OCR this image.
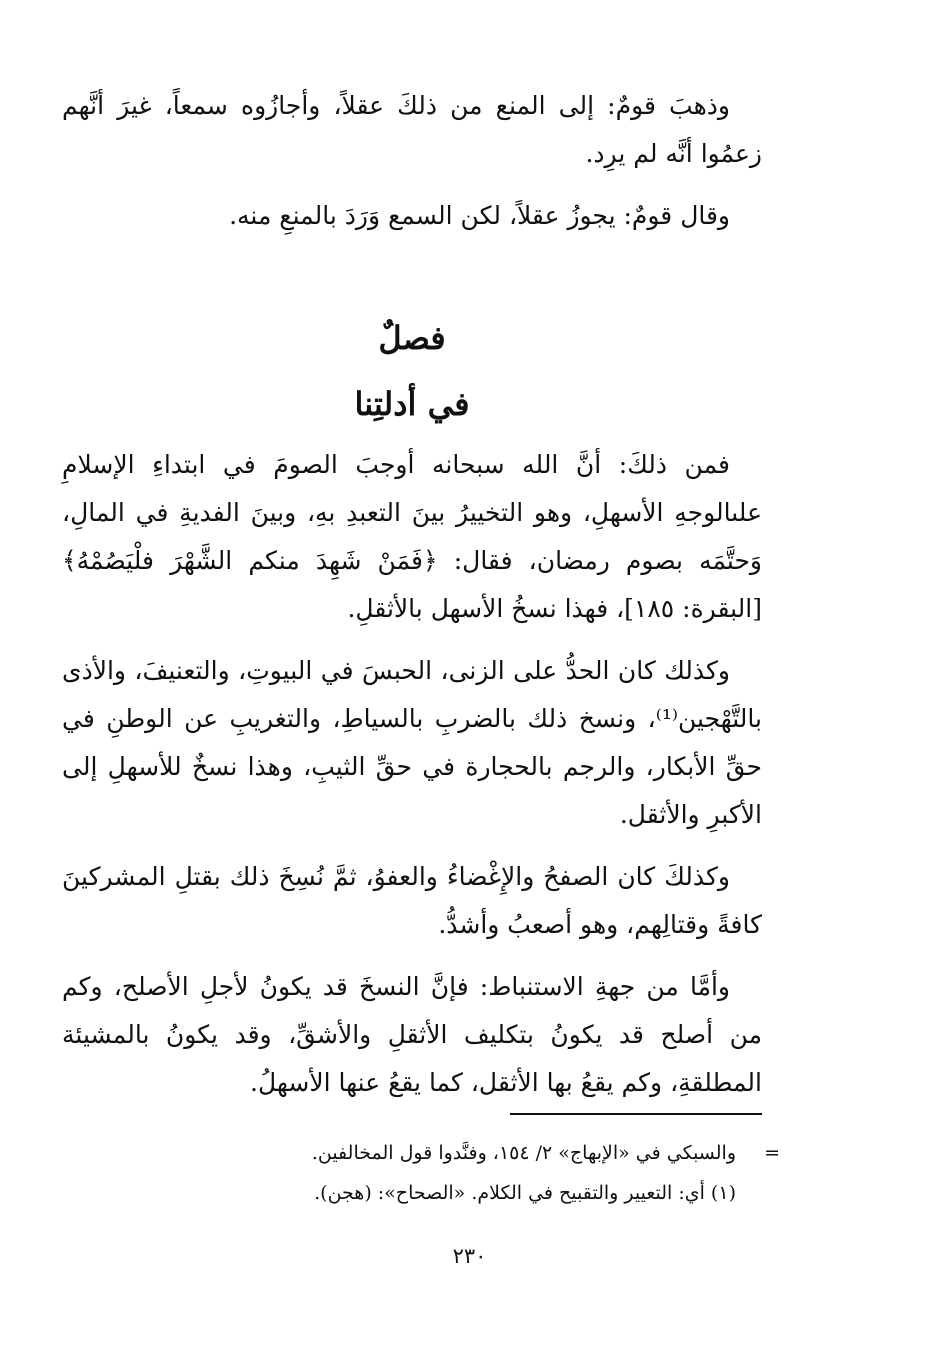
وذهبَ قومٌ: إلى المنع من ذلكَ عقلاً، وأجازُوه سمعاً، غيرَ أنَّهم زعمُوا أنَّه لم يرِد.

وقال قومٌ: يجوزُ عقلاً، لكن السمع وَرَدَ بالمنعِ منه.

فصلٌ
في أدلتِنا

فمن ذلكَ: أنَّ الله سبحانه أوجبَ الصومَ في ابتداءِ الإسلامِ علىالوجهِ الأسهلِ، وهو التخييرُ بينَ التعبدِ بهِ، وبينَ الفديةِ في المالِ، وَحتَّمَه بصوم رمضان، فقال: ﴿فَمَنْ شَهِدَ منكم الشَّهْرَ فلْيَصُمْهُ﴾ [البقرة: ١٨٥]، فهذا نسخُ الأسهل بالأثقلِ.

وكذلك كان الحدُّ على الزنى، الحبسَ في البيوتِ، والتعنيفَ، والأذى بالتَّهْجين⁽¹⁾، ونسخ ذلك بالضربِ بالسياطِ، والتغريبِ عن الوطنِ في حقِّ الأبكار، والرجم بالحجارة في حقِّ الثيبِ، وهذا نسخٌ للأسهلِ إلى الأكبرِ والأثقل.

وكذلكَ كان الصفحُ والإِغْضاءُ والعفوُ، ثمَّ نُسِخَ ذلك بقتلِ المشركينَ كافةً وقتالِهم، وهو أصعبُ وأشدُّ.

وأمَّا من جهةِ الاستنباط: فإنَّ النسخَ قد يكونُ لأجلِ الأصلح، وكم من أصلح قد يكونُ بتكليف الأثقلِ والأشقِّ، وقد يكونُ بالمشيئة المطلقةِ، وكم يقعُ بها الأثقل، كما يقعُ عنها الأسهلُ.

=والسبكي في «الإبهاج» ٢/ ١٥٤، وفنَّدوا قول المخالفين.
(١) أي: التعيير والتقبيح في الكلام. «الصحاح»: (هجن).
٢٣٠
